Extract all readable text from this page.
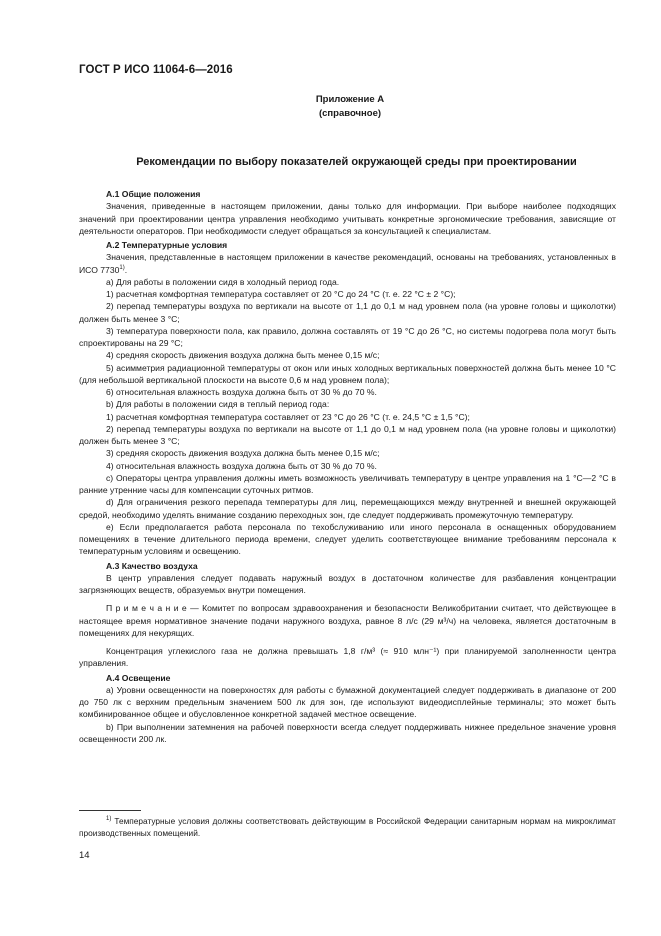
ГОСТ Р ИСО 11064-6—2016
Приложение А
(справочное)
Рекомендации по выбору показателей окружающей среды при проектировании

А.1 Общие положения

Значения, приведенные в настоящем приложении, даны только для информации. При выборе наиболее подходящих значений при проектировании центра управления необходимо учитывать конкретные эргономические требования, зависящие от деятельности операторов. При необходимости следует обращаться за консультацией к специалистам.

А.2 Температурные условия

Значения, представленные в настоящем приложении в качестве рекомендаций, основаны на требованиях, установленных в ИСО 7730$^{1)}$.

а) Для работы в положении сидя в холодный период года.

1) расчетная комфортная температура составляет от 20 °С до 24 °С (т. е. 22 °С ± 2 °С);

2) перепад температуры воздуха по вертикали на высоте от 1,1 до 0,1 м над уровнем пола (на уровне головы и щиколотки) должен быть менее 3 °С;

3) температура поверхности пола, как правило, должна составлять от 19 °С до 26 °С, но системы подогрева пола могут быть спроектированы на 29 °С;

4) средняя скорость движения воздуха должна быть менее 0,15 м/с;

5) асимметрия радиационной температуры от окон или иных холодных вертикальных поверхностей должна быть менее 10 °С (для небольшой вертикальной плоскости на высоте 0,6 м над уровнем пола);

6) относительная влажность воздуха должна быть от 30 % до 70 %.

b) Для работы в положении сидя в теплый период года:

1) расчетная комфортная температура составляет от 23 °С до 26 °С (т. е. 24,5 °С ± 1,5 °С);

2) перепад температуры воздуха по вертикали на высоте от 1,1 до 0,1 м над уровнем пола (на уровне головы и щиколотки) должен быть менее 3 °С;

3) средняя скорость движения воздуха должна быть менее 0,15 м/с;

4) относительная влажность воздуха должна быть от 30 % до 70 %.

с) Операторы центра управления должны иметь возможность увеличивать температуру в центре управления на 1 °С—2 °С в ранние утренние часы для компенсации суточных ритмов.

d) Для ограничения резкого перепада температуры для лиц, перемещающихся между внутренней и внешней окружающей средой, необходимо уделять внимание созданию переходных зон, где следует поддерживать промежуточную температуру.

е) Если предполагается работа персонала по техобслуживанию или иного персонала в оснащенных оборудованием помещениях в течение длительного периода времени, следует уделить соответствующее внимание требованиям персонала к температурным условиям и освещению.

А.3 Качество воздуха

В центр управления следует подавать наружный воздух в достаточном количестве для разбавления концентрации загрязняющих веществ, образуемых внутри помещения.

П р и м е ч а н и е — Комитет по вопросам здравоохранения и безопасности Великобритании считает, что действующее в настоящее время нормативное значение подачи наружного воздуха, равное 8 л/с (29 м³/ч) на человека, является достаточным в помещениях для некурящих.

Концентрация углекислого газа не должна превышать 1,8 г/м³ (≈ 910 млн⁻¹) при планируемой заполненности центра управления.

А.4 Освещение

а) Уровни освещенности на поверхностях для работы с бумажной документацией следует поддерживать в диапазоне от 200 до 750 лк с верхним предельным значением 500 лк для зон, где используют видеодисплейные терминалы; это может быть комбинированное общее и обусловленное конкретной задачей местное освещение.

b) При выполнении затемнения на рабочей поверхности всегда следует поддерживать нижнее предельное значение уровня освещенности 200 лк.

$^{1)}$ Температурные условия должны соответствовать действующим в Российской Федерации санитарным нормам на микроклимат производственных помещений.
14
